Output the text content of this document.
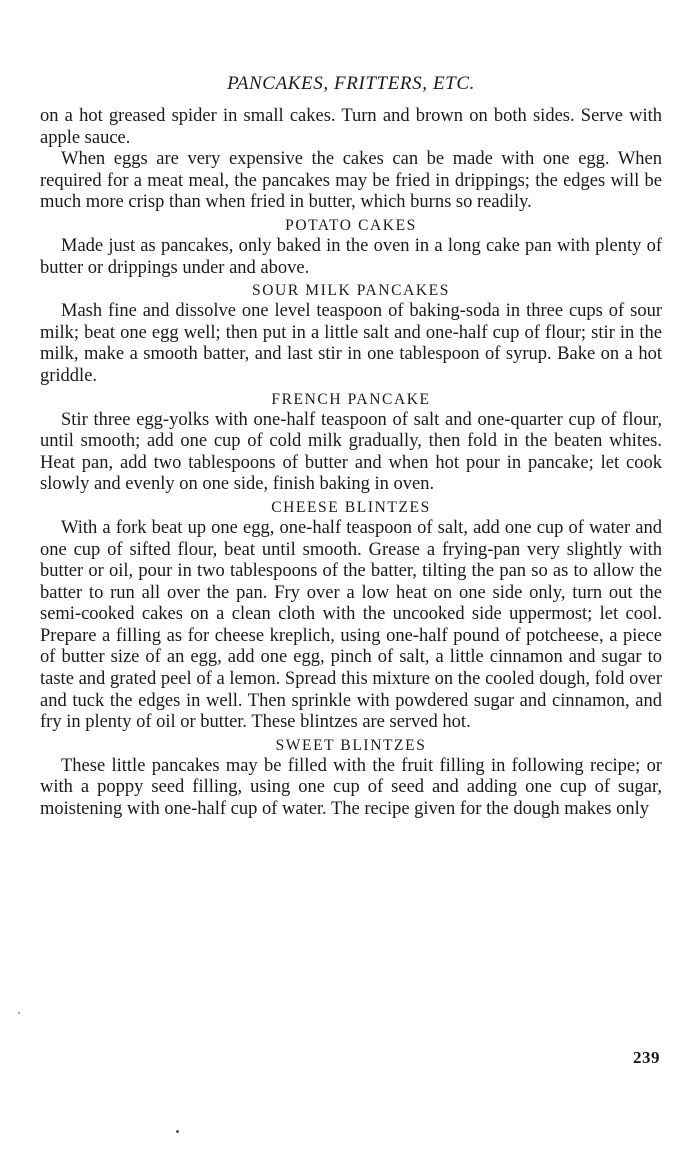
PANCAKES, FRITTERS, ETC.

on a hot greased spider in small cakes. Turn and brown on both sides. Serve with apple sauce.

When eggs are very expensive the cakes can be made with one egg. When required for a meat meal, the pancakes may be fried in drippings; the edges will be much more crisp than when fried in butter, which burns so readily.

POTATO CAKES

Made just as pancakes, only baked in the oven in a long cake pan with plenty of butter or drippings under and above.

SOUR MILK PANCAKES

Mash fine and dissolve one level teaspoon of baking-soda in three cups of sour milk; beat one egg well; then put in a little salt and one-half cup of flour; stir in the milk, make a smooth batter, and last stir in one tablespoon of syrup. Bake on a hot griddle.

FRENCH PANCAKE

Stir three egg-yolks with one-half teaspoon of salt and one-quarter cup of flour, until smooth; add one cup of cold milk gradually, then fold in the beaten whites. Heat pan, add two tablespoons of butter and when hot pour in pancake; let cook slowly and evenly on one side, finish baking in oven.

CHEESE BLINTZES

With a fork beat up one egg, one-half teaspoon of salt, add one cup of water and one cup of sifted flour, beat until smooth. Grease a frying-pan very slightly with butter or oil, pour in two tablespoons of the batter, tilting the pan so as to allow the batter to run all over the pan. Fry over a low heat on one side only, turn out the semi-cooked cakes on a clean cloth with the uncooked side uppermost; let cool. Prepare a filling as for cheese kreplich, using one-half pound of potcheese, a piece of butter size of an egg, add one egg, pinch of salt, a little cinnamon and sugar to taste and grated peel of a lemon. Spread this mixture on the cooled dough, fold over and tuck the edges in well. Then sprinkle with powdered sugar and cinnamon, and fry in plenty of oil or butter. These blintzes are served hot.

SWEET BLINTZES

These little pancakes may be filled with the fruit filling in following recipe; or with a poppy seed filling, using one cup of seed and adding one cup of sugar, moistening with one-half cup of water. The recipe given for the dough makes only

239
